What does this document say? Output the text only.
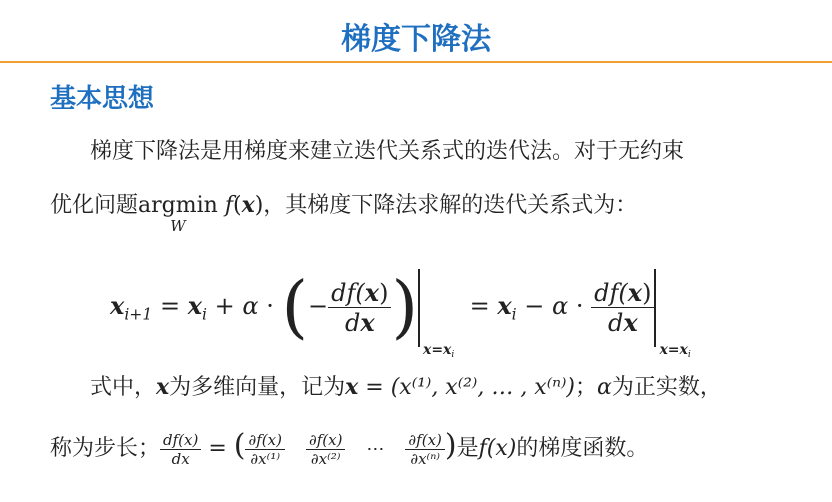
梯度下降法
基本思想
梯度下降法是用梯度来建立迭代关系式的迭代法。对于无约束
优化问题argmin
W
f(x)，其梯度下降法求解的迭代关系式为：
$x_{i+1} = x_i + \alpha$ · (− $\frac{df(x)}{dx} )x=x_i = x_i - \alpha \cdot \frac{df(x)}{dx}$
$x=x_i$
式中，x为多维向量，记为x = (x⁽¹⁾, x⁽²⁾, … , x⁽ⁿ⁾)；α为正实数，
称为步长； $\frac{df(x)}{dx}$ = ( $\frac{\partial f(x)}{\text{∂x⁽¹⁾}}$
$\frac{\partial f(x)}{\text{∂x⁽²⁾}}$ ⋯ $\frac{\partial f(x)}{\text{∂x⁽ⁿ⁾}}$ )是f(x)的梯度函数。
